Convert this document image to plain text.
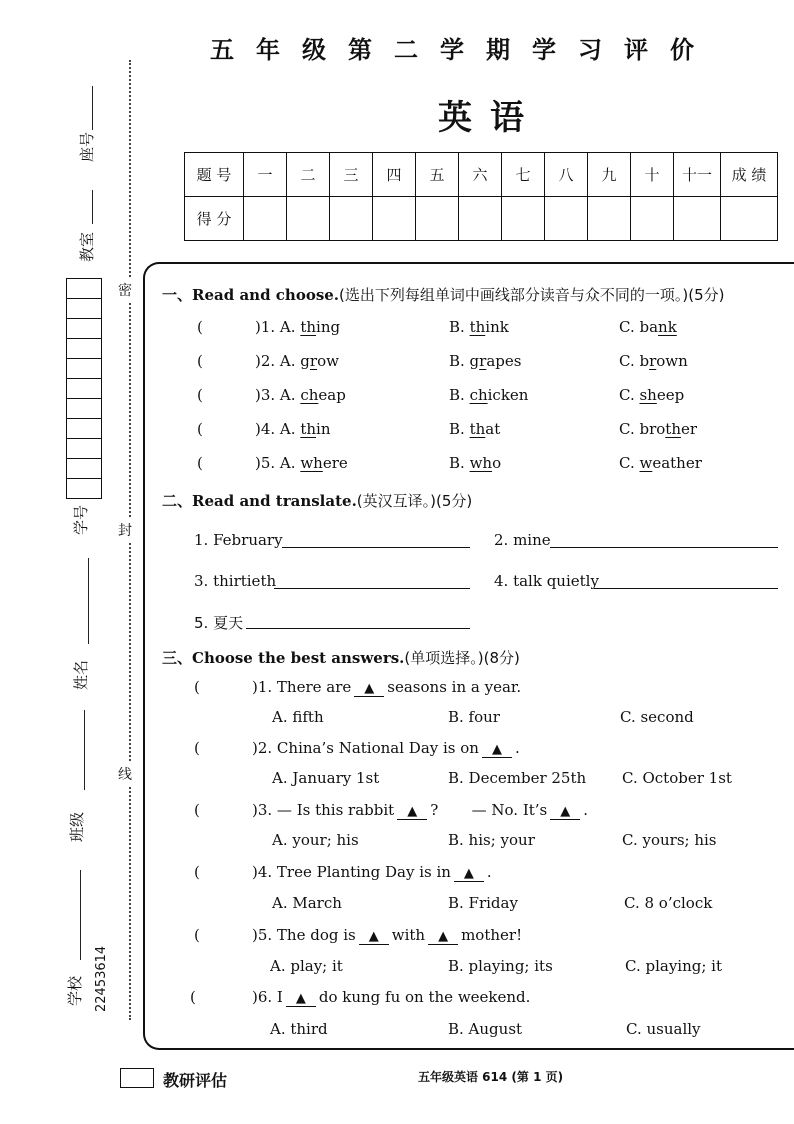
座号
教室
学号
姓名
班级
学校 22453614
密
封
线
五年级第二学期学习评价
英语
题 号	一	二	三	四	五	六	七	八	九	十	十一	成 绩
得 分												
一、Read and choose.(选出下列每组单词中画线部分读音与众不同的一项。)(5分)
(	)1. A. thing	B. think	C. bank
(	)2. A. grow	B. grapes	C. brown
(	)3. A. cheap	B. chicken	C. sheep
(	)4. A. thin	B. that	C. brother
(	)5. A. where	B. who	C. weather
二、Read and translate.(英汉互译。)(5分)
1. February	2. mine
3. thirtieth	4. talk quietly
5. 夏天
三、Choose the best answers.(单项选择。)(8分)
(	)1. There are ▲ seasons in a year.
A. fifth	B. four	C. second
(	)2. China’s National Day is on ▲ .
A. January 1st	B. December 25th C. October 1st
(	)3. — Is this rabbit ▲ ? — No. It’s ▲ .
A. your; his	B. his; your	C. yours; his
(	)4. Tree Planting Day is in ▲ .
A. March	B. Friday	C. 8 o’clock
(	)5. The dog is ▲ with ▲ mother!
A. play; it	B. playing; its	C. playing; it
(	)6. I ▲ do kung fu on the weekend.
A. third	B. August	C. usually
教研评估	五年级英语 614 (第 1 页)
